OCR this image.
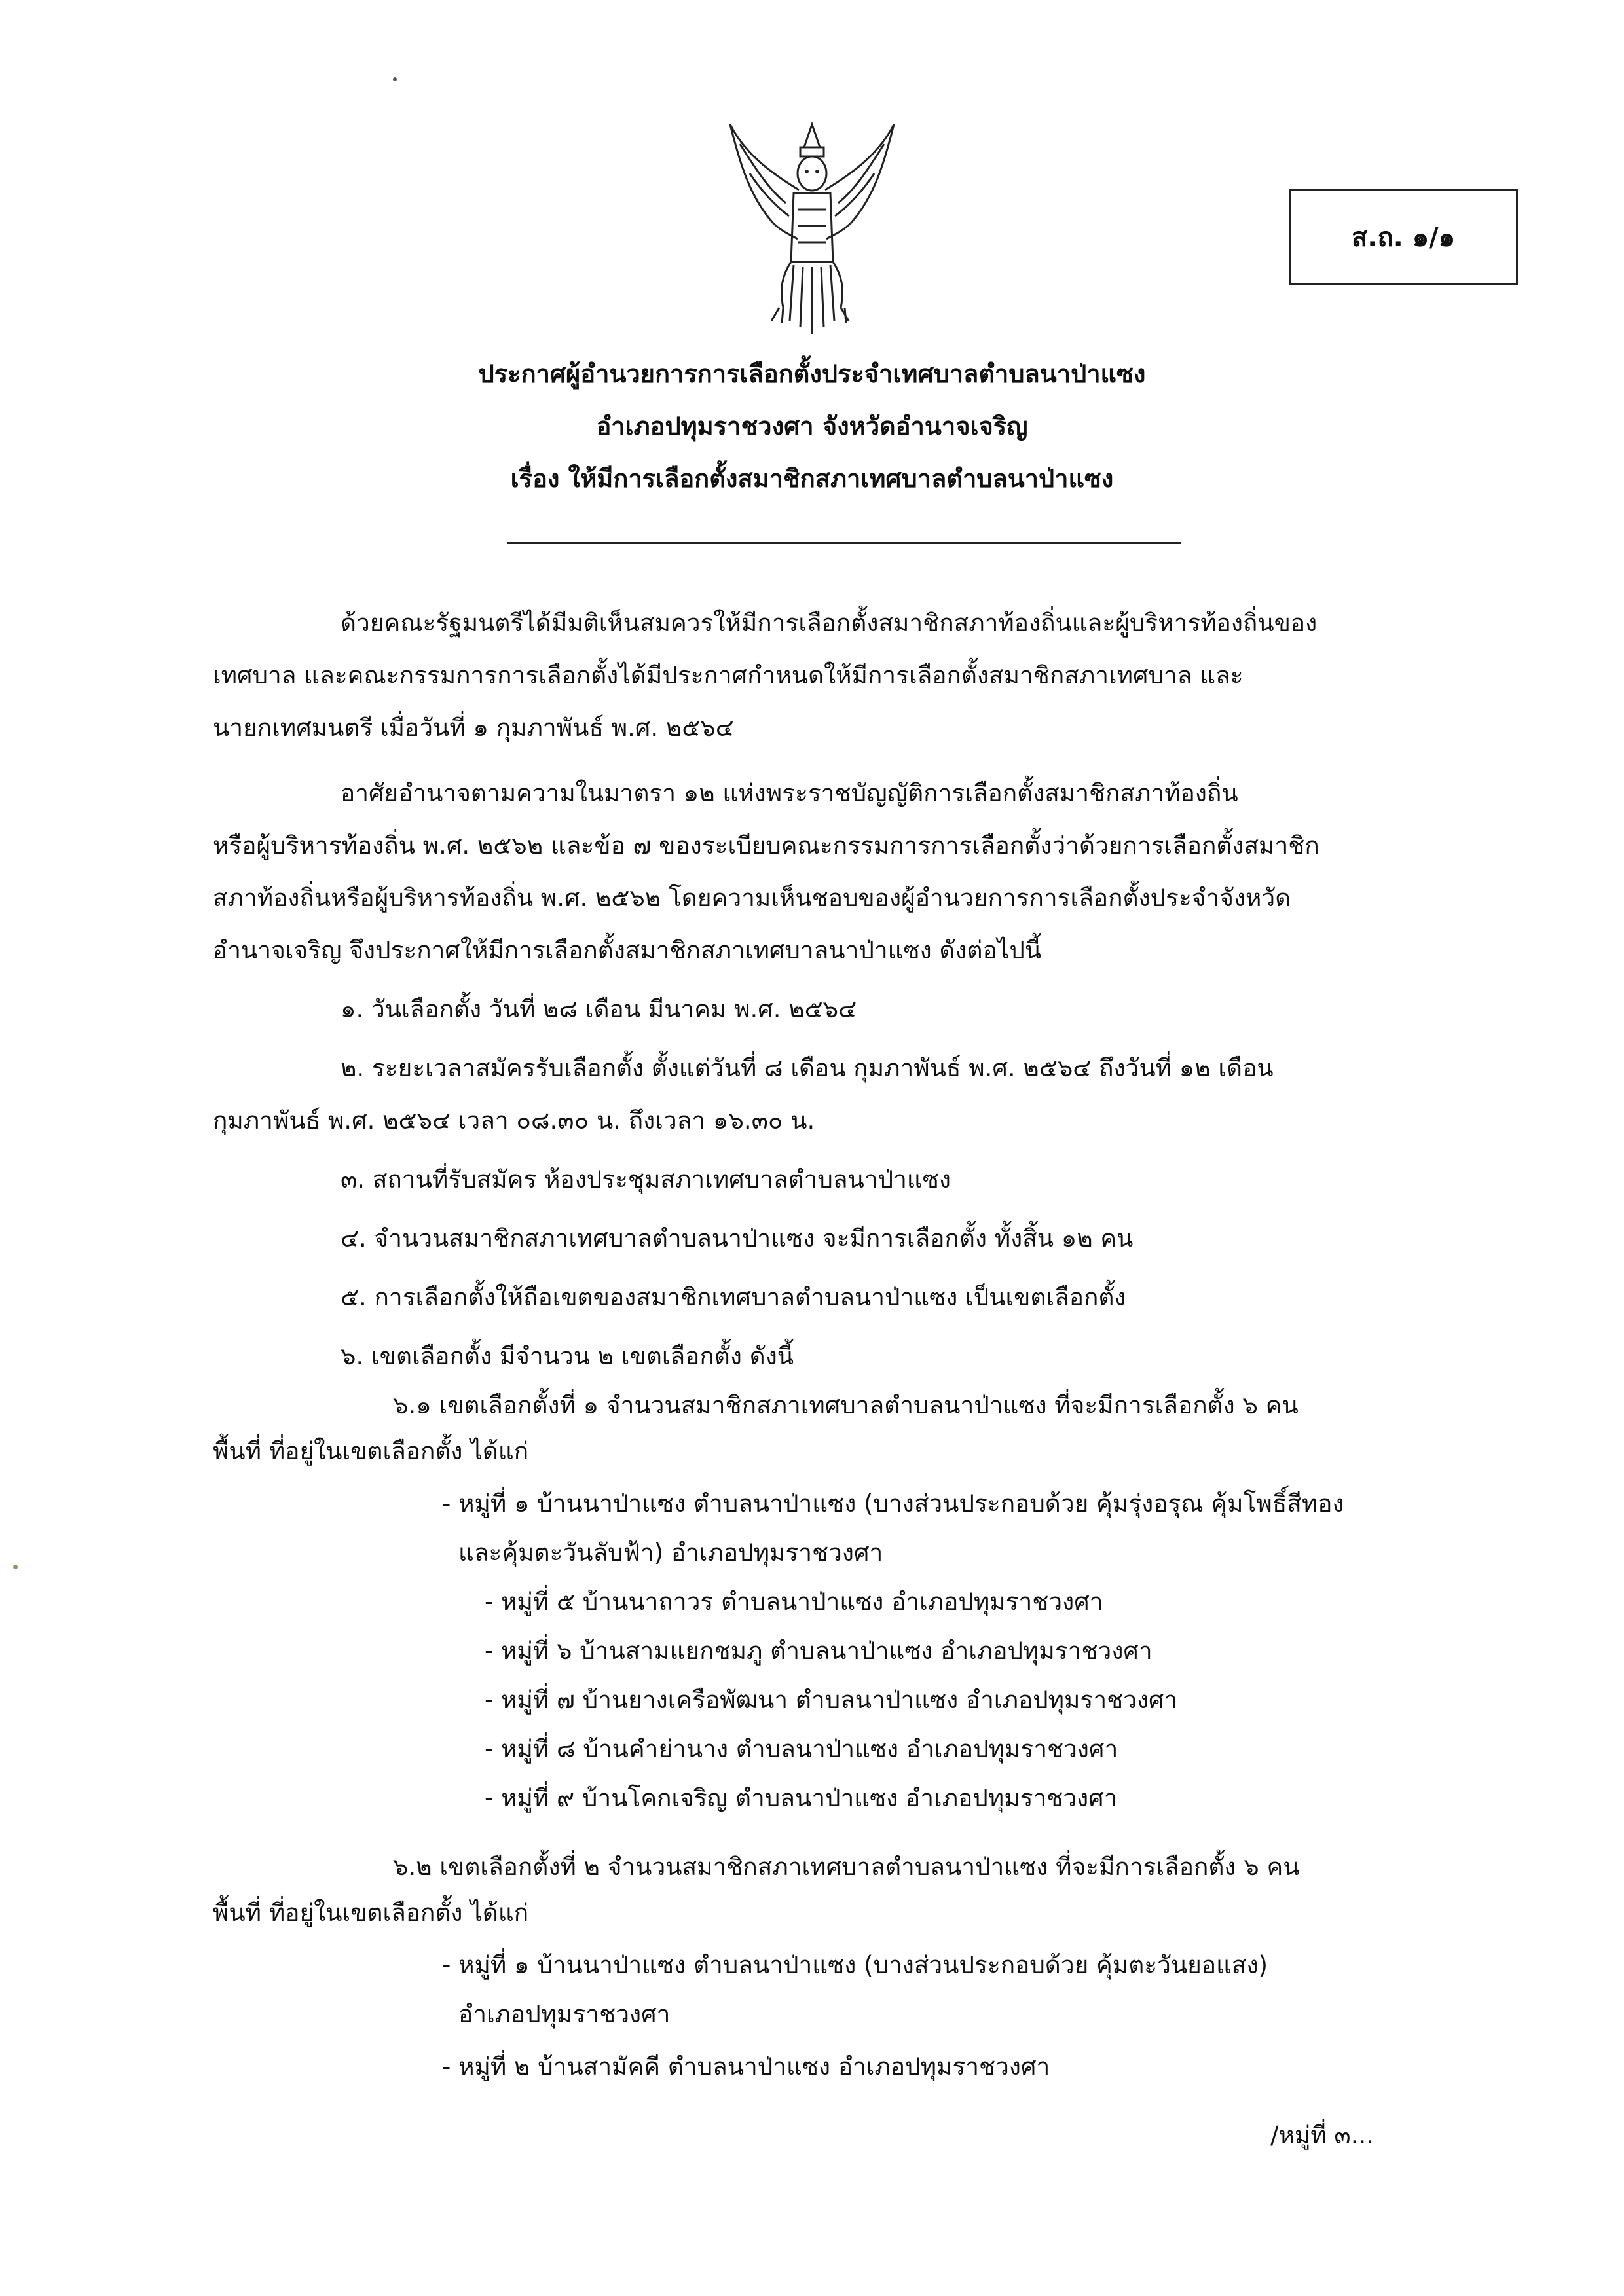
ส.ถ. ๑/๑
ประกาศผู้อำนวยการการเลือกตั้งประจำเทศบาลตำบลนาป่าแซง
อำเภอปทุมราชวงศา จังหวัดอำนาจเจริญ
เรื่อง ให้มีการเลือกตั้งสมาชิกสภาเทศบาลตำบลนาป่าแซง
ด้วยคณะรัฐมนตรีได้มีมติเห็นสมควรให้มีการเลือกตั้งสมาชิกสภาท้องถิ่นและผู้บริหารท้องถิ่นของ
เทศบาล และคณะกรรมการการเลือกตั้งได้มีประกาศกำหนดให้มีการเลือกตั้งสมาชิกสภาเทศบาล และ
นายกเทศมนตรี เมื่อวันที่ ๑ กุมภาพันธ์ พ.ศ. ๒๕๖๔
อาศัยอำนาจตามความในมาตรา ๑๒ แห่งพระราชบัญญัติการเลือกตั้งสมาชิกสภาท้องถิ่น
หรือผู้บริหารท้องถิ่น พ.ศ. ๒๕๖๒ และข้อ ๗ ของระเบียบคณะกรรมการการเลือกตั้งว่าด้วยการเลือกตั้งสมาชิก
สภาท้องถิ่นหรือผู้บริหารท้องถิ่น พ.ศ. ๒๕๖๒ โดยความเห็นชอบของผู้อำนวยการการเลือกตั้งประจำจังหวัด
อำนาจเจริญ จึงประกาศให้มีการเลือกตั้งสมาชิกสภาเทศบาลนาป่าแซง ดังต่อไปนี้
๑. วันเลือกตั้ง วันที่ ๒๘ เดือน มีนาคม พ.ศ. ๒๕๖๔
๒. ระยะเวลาสมัครรับเลือกตั้ง ตั้งแต่วันที่ ๘ เดือน กุมภาพันธ์ พ.ศ. ๒๕๖๔ ถึงวันที่ ๑๒ เดือน
กุมภาพันธ์ พ.ศ. ๒๕๖๔ เวลา ๐๘.๓๐ น. ถึงเวลา ๑๖.๓๐ น.
๓. สถานที่รับสมัคร ห้องประชุมสภาเทศบาลตำบลนาป่าแซง
๔. จำนวนสมาชิกสภาเทศบาลตำบลนาป่าแซง จะมีการเลือกตั้ง ทั้งสิ้น ๑๒ คน
๕. การเลือกตั้งให้ถือเขตของสมาชิกเทศบาลตำบลนาป่าแซง เป็นเขตเลือกตั้ง
๖. เขตเลือกตั้ง มีจำนวน ๒ เขตเลือกตั้ง ดังนี้
๖.๑ เขตเลือกตั้งที่ ๑ จำนวนสมาชิกสภาเทศบาลตำบลนาป่าแซง ที่จะมีการเลือกตั้ง ๖ คน
พื้นที่ ที่อยู่ในเขตเลือกตั้ง ได้แก่
- หมู่ที่ ๑ บ้านนาป่าแซง ตำบลนาป่าแซง (บางส่วนประกอบด้วย คุ้มรุ่งอรุณ คุ้มโพธิ์สีทอง
และคุ้มตะวันลับฟ้า) อำเภอปทุมราชวงศา
- หมู่ที่ ๕ บ้านนาถาวร ตำบลนาป่าแซง อำเภอปทุมราชวงศา
- หมู่ที่ ๖ บ้านสามแยกชมภู ตำบลนาป่าแซง อำเภอปทุมราชวงศา
- หมู่ที่ ๗ บ้านยางเครือพัฒนา ตำบลนาป่าแซง อำเภอปทุมราชวงศา
- หมู่ที่ ๘ บ้านคำย่านาง ตำบลนาป่าแซง อำเภอปทุมราชวงศา
- หมู่ที่ ๙ บ้านโคกเจริญ ตำบลนาป่าแซง อำเภอปทุมราชวงศา
๖.๒ เขตเลือกตั้งที่ ๒ จำนวนสมาชิกสภาเทศบาลตำบลนาป่าแซง ที่จะมีการเลือกตั้ง ๖ คน
พื้นที่ ที่อยู่ในเขตเลือกตั้ง ได้แก่
- หมู่ที่ ๑ บ้านนาป่าแซง ตำบลนาป่าแซง (บางส่วนประกอบด้วย คุ้มตะวันยอแสง)
อำเภอปทุมราชวงศา
- หมู่ที่ ๒ บ้านสามัคคี ตำบลนาป่าแซง อำเภอปทุมราชวงศา
/หมู่ที่ ๓...
